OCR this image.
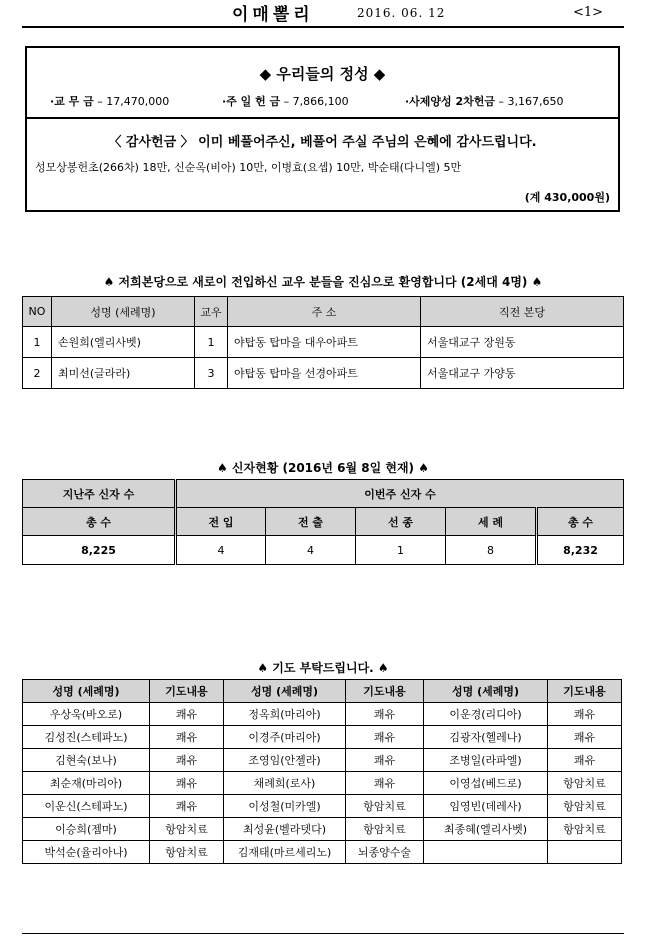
이매뽈리	2016. 06. 12	<1>
◆ 우리들의 정성 ◆
·교 무 금 – 17,470,000	·주 일 헌 금 – 7,866,100	·사제양성 2차헌금 – 3,167,650
〈 감사헌금 〉 이미 베풀어주신, 베풀어 주실 주님의 은혜에 감사드립니다.
성모상봉헌초(266차) 18만, 신순옥(비아) 10만, 이병효(요셉) 10만, 박순태(다니엘) 5만
(계 430,000원)
♠ 저희본당으로 새로이 전입하신 교우 분들을 진심으로 환영합니다 (2세대 4명) ♠
NO	성명 (세례명)	교우	주 소	직전 본당
1	손원희(엘리사벳)	1	야탑동 탑마을 대우아파트	서울대교구 장원동
2	최미선(글라라)	3	야탑동 탑마을 선경아파트	서울대교구 가양동
♠ 신자현황 (2016년 6월 8일 현재) ♠
지난주 신자 수	이번주 신자 수				
총 수	전 입	전 출	선 종	세 례	총 수
8,225	4	4	1	8	8,232
♠ 기도 부탁드립니다. ♠
성명 (세례명)	기도내용	성명 (세례명)	기도내용	성명 (세례명)	기도내용
우상욱(바오로)	쾌유	정옥희(마리아)	쾌유	이운경(리디아)	쾌유
김성진(스테파노)	쾌유	이경주(마리아)	쾌유	김광자(헬레나)	쾌유
김현숙(보나)	쾌유	조영임(안젤라)	쾌유	조병일(라파엘)	쾌유
최순재(마리아)	쾌유	채례희(로사)	쾌유	이영섭(베드로)	항암치료
이운신(스테파노)	쾌유	이성철(미카엘)	항암치료	임영빈(데레사)	항암치료
이승희(젬마)	항암치료	최성윤(벨라뎃다)	항암치료	최종혜(엘리사벳)	항암치료
박석순(율리아나)	항암치료	김재태(마르세리노)	뇌종양수술		
